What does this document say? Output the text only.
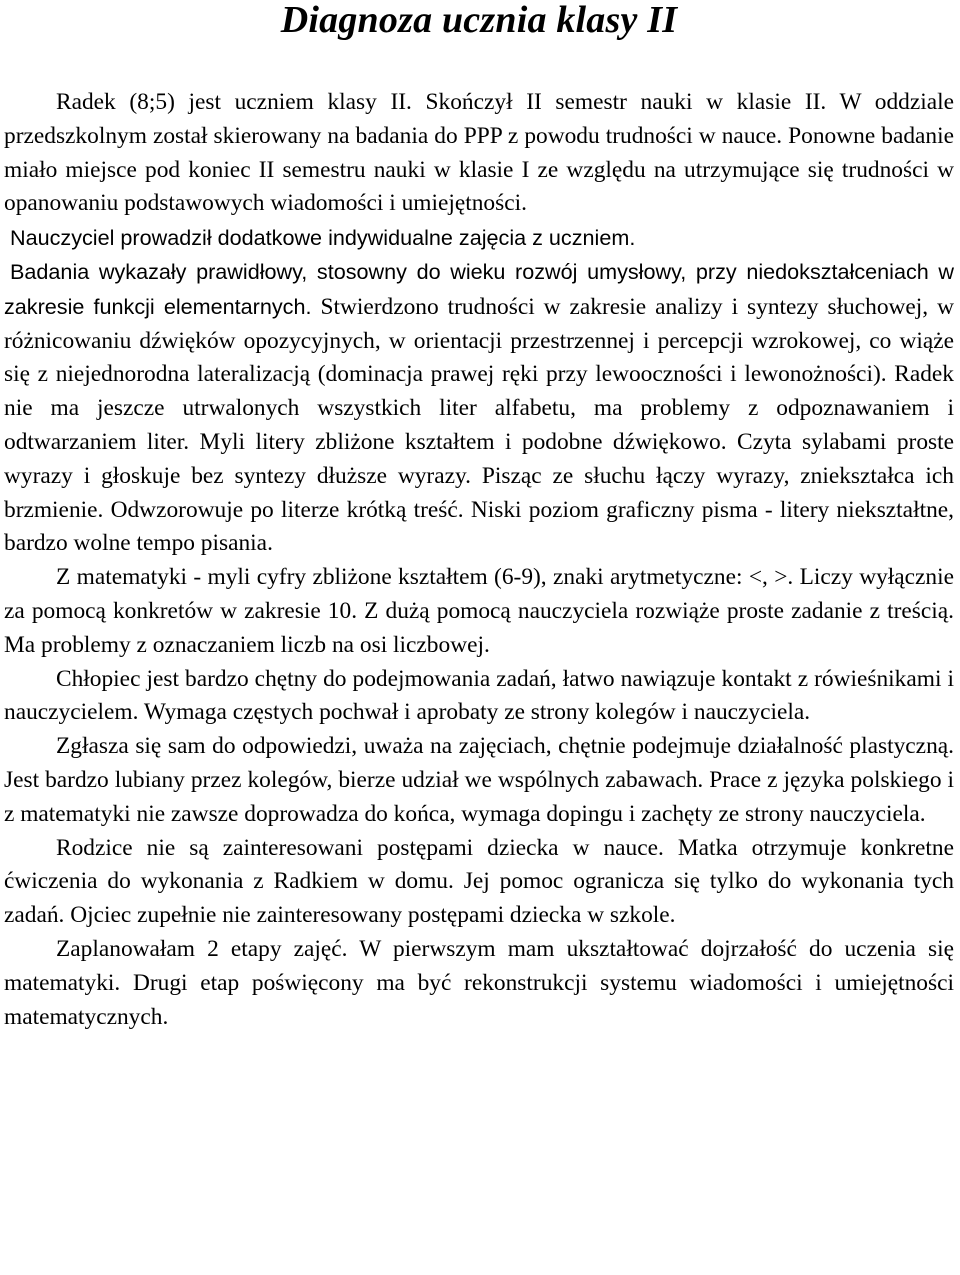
Diagnoza ucznia klasy II

Radek (8;5) jest uczniem klasy II. Skończył II semestr nauki w klasie II. W oddziale przedszkolnym został skierowany na badania do PPP z powodu trudności w nauce. Ponowne badanie miało miejsce pod koniec II semestru nauki w klasie I ze względu na utrzymujące się trudności w opanowaniu podstawowych wiadomości i umiejętności.

Nauczyciel prowadził dodatkowe indywidualne zajęcia z uczniem.

Badania wykazały prawidłowy, stosowny do wieku rozwój umysłowy, przy niedokształceniach w zakresie funkcji elementarnych. Stwierdzono trudności w zakresie analizy i syntezy słuchowej, w różnicowaniu dźwięków opozycyjnych, w orientacji przestrzennej i percepcji wzrokowej, co wiąże się z niejednorodna lateralizacją (dominacja prawej ręki przy lewooczności i lewonożności). Radek nie ma jeszcze utrwalonych wszystkich liter alfabetu, ma problemy z odpoznawaniem i odtwarzaniem liter. Myli litery zbliżone kształtem i podobne dźwiękowo. Czyta sylabami proste wyrazy i głoskuje bez syntezy dłuższe wyrazy. Pisząc ze słuchu łączy wyrazy, zniekształca ich brzmienie. Odwzorowuje po literze krótką treść. Niski poziom graficzny pisma - litery niekształtne, bardzo wolne tempo pisania.

Z matematyki - myli cyfry zbliżone kształtem (6-9), znaki arytmetyczne: <, >. Liczy wyłącznie za pomocą konkretów w zakresie 10. Z dużą pomocą nauczyciela rozwiąże proste zadanie z treścią. Ma problemy z oznaczaniem liczb na osi liczbowej.

Chłopiec jest bardzo chętny do podejmowania zadań, łatwo nawiązuje kontakt z rówieśnikami i nauczycielem. Wymaga częstych pochwał i aprobaty ze strony kolegów i nauczyciela.

Zgłasza się sam do odpowiedzi, uważa na zajęciach, chętnie podejmuje działalność plastyczną. Jest bardzo lubiany przez kolegów, bierze udział we wspólnych zabawach. Prace z języka polskiego i z matematyki nie zawsze doprowadza do końca, wymaga dopingu i zachęty ze strony nauczyciela.

Rodzice nie są zainteresowani postępami dziecka w nauce. Matka otrzymuje konkretne ćwiczenia do wykonania z Radkiem w domu. Jej pomoc ogranicza się tylko do wykonania tych zadań. Ojciec zupełnie nie zainteresowany postępami dziecka w szkole.

Zaplanowałam 2 etapy zajęć. W pierwszym mam ukształtować dojrzałość do uczenia się matematyki. Drugi etap poświęcony ma być rekonstrukcji systemu wiadomości i umiejętności matematycznych.
